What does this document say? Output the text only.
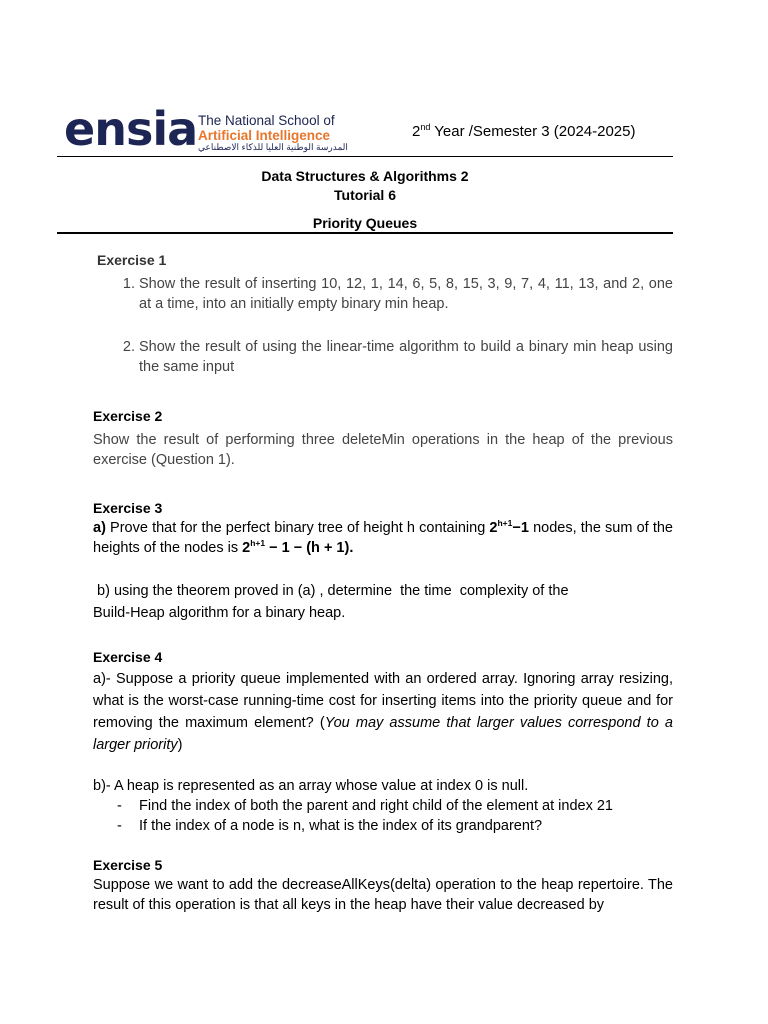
ensia The National School of
Artificial Intelligence
المدرسة الوطنية العليا للذكاء الاصطناعي
2nd Year /Semester 3 (2024-2025)
Data Structures & Algorithms 2
Tutorial 6
Priority Queues
Exercise 1
1. Show the result of inserting 10, 12, 1, 14, 6, 5, 8, 15, 3, 9, 7, 4, 11, 13, and 2, one at a time, into an initially empty binary min heap.
2. Show the result of using the linear-time algorithm to build a binary min heap using the same input
Exercise 2
Show the result of performing three deleteMin operations in the heap of the previous exercise (Question 1).
Exercise 3
a) Prove that for the perfect binary tree of height h containing $2^{h+1}-1$ nodes, the sum of the heights of the nodes is $2^{h+1} - 1 - (h + 1)$.
b) using the theorem proved in (a) , determine  the time  complexity of the
Build-Heap algorithm for a binary heap.
Exercise 4
a)- Suppose a priority queue implemented with an ordered array. Ignoring array resizing, what is the worst-case running-time cost for inserting items into the priority queue and for removing the maximum element? (You may assume that larger values correspond to a larger priority)
b)- A heap is represented as an array whose value at index 0 is null.
- Find the index of both the parent and right child of the element at index 21
- If the index of a node is n, what is the index of its grandparent?
Exercise 5
Suppose we want to add the decreaseAllKeys(delta) operation to the heap repertoire. The result of this operation is that all keys in the heap have their value decreased by
